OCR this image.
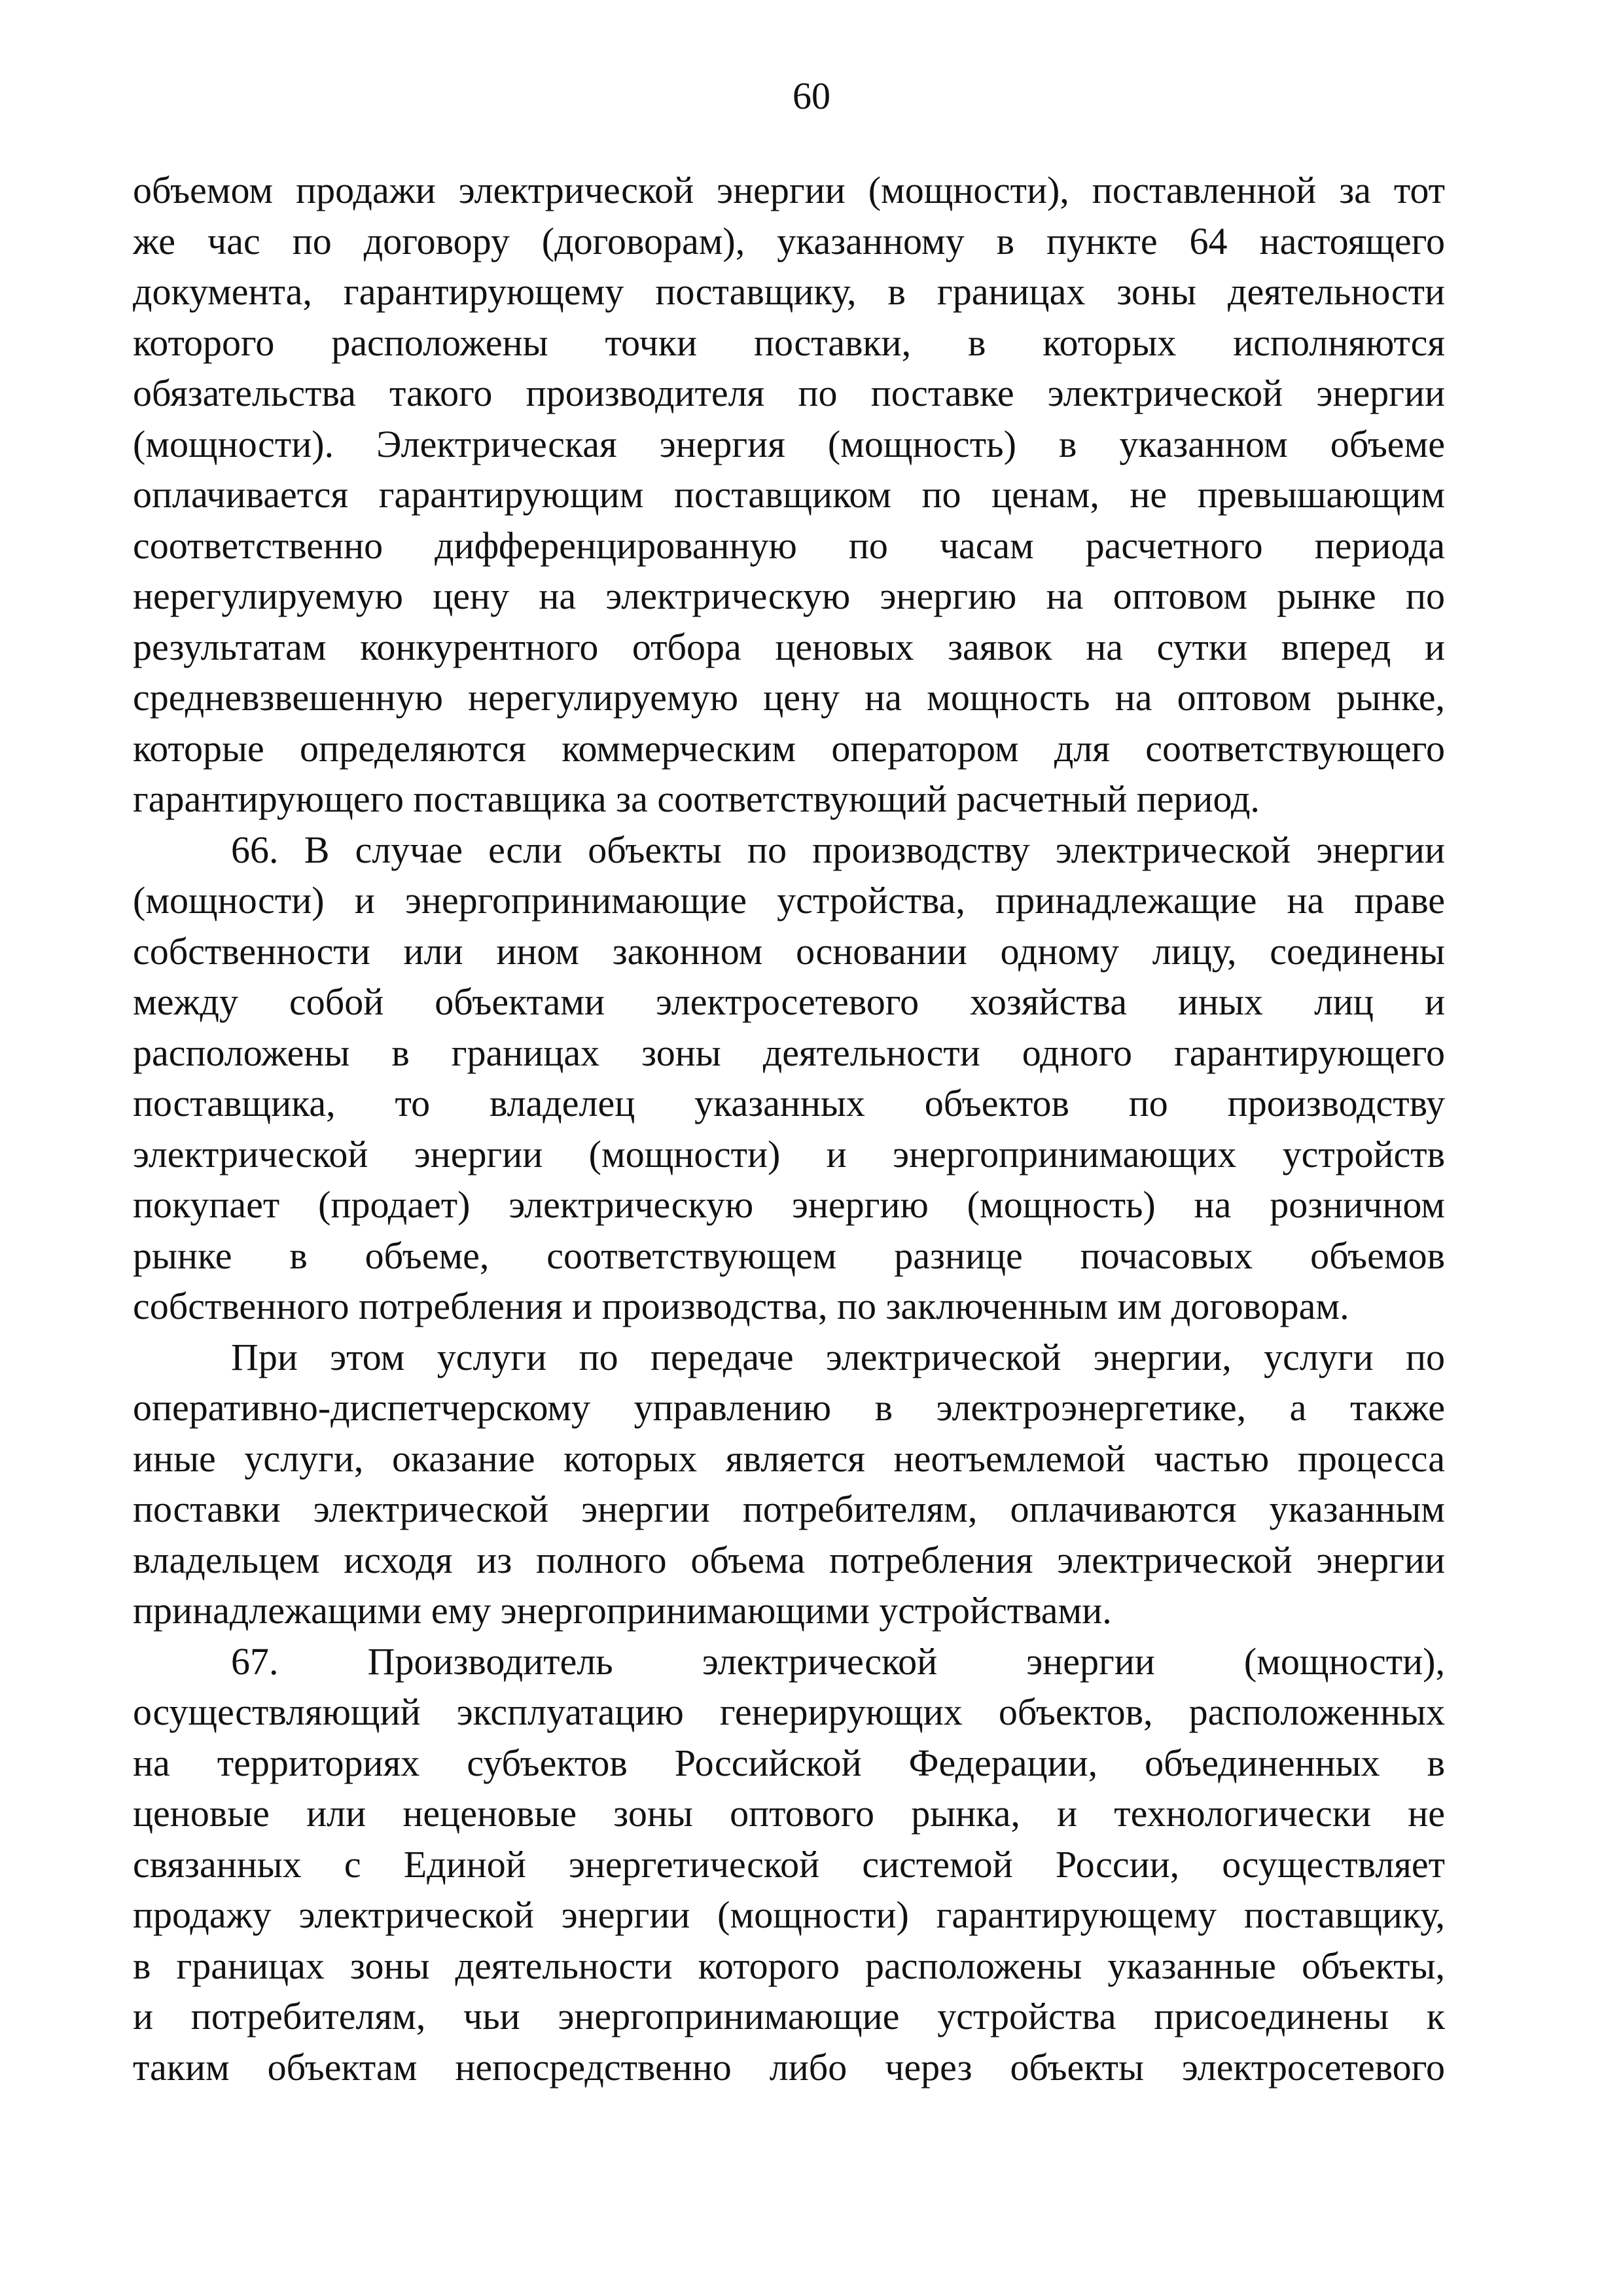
60

объемом продажи электрической энергии (мощности), поставленной за тот
же час по договору (договорам), указанному в пункте 64 настоящего
документа, гарантирующему поставщику, в границах зоны деятельности
которого расположены точки поставки, в которых исполняются
обязательства такого производителя по поставке электрической энергии
(мощности). Электрическая энергия (мощность) в указанном объеме
оплачивается гарантирующим поставщиком по ценам, не превышающим
соответственно дифференцированную по часам расчетного периода
нерегулируемую цену на электрическую энергию на оптовом рынке по
результатам конкурентного отбора ценовых заявок на сутки вперед и
средневзвешенную нерегулируемую цену на мощность на оптовом рынке,
которые определяются коммерческим оператором для соответствующего
гарантирующего поставщика за соответствующий расчетный период.

66. В случае если объекты по производству электрической энергии
(мощности) и энергопринимающие устройства, принадлежащие на праве
собственности или ином законном основании одному лицу, соединены
между собой объектами электросетевого хозяйства иных лиц и
расположены в границах зоны деятельности одного гарантирующего
поставщика, то владелец указанных объектов по производству
электрической энергии (мощности) и энергопринимающих устройств
покупает (продает) электрическую энергию (мощность) на розничном
рынке в объеме, соответствующем разнице почасовых объемов
собственного потребления и производства, по заключенным им договорам.

При этом услуги по передаче электрической энергии, услуги по
оперативно-диспетчерскому управлению в электроэнергетике, а также
иные услуги, оказание которых является неотъемлемой частью процесса
поставки электрической энергии потребителям, оплачиваются указанным
владельцем исходя из полного объема потребления электрической энергии
принадлежащими ему энергопринимающими устройствами.

67. Производитель электрической энергии (мощности),
осуществляющий эксплуатацию генерирующих объектов, расположенных
на территориях субъектов Российской Федерации, объединенных в
ценовые или неценовые зоны оптового рынка, и технологически не
связанных с Единой энергетической системой России, осуществляет
продажу электрической энергии (мощности) гарантирующему поставщику,
в границах зоны деятельности которого расположены указанные объекты,
и потребителям, чьи энергопринимающие устройства присоединены к
таким объектам непосредственно либо через объекты электросетевого
